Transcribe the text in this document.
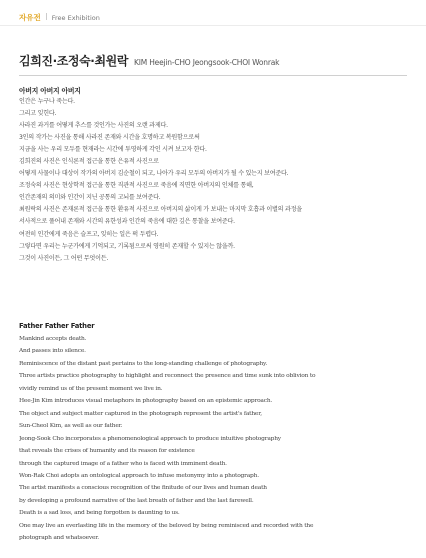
자유전 Free Exhibition
김희진·조정숙·최원락 KIM Heejin-CHO Jeongsook-CHOI Wonrak
아버지 아버지 아버지
인간은 누구나 죽는다.
그리고 잊힌다.
사라진 과거를 어떻게 추스를 것인가는 사진의 오랜 과제다.
3인의 작가는 사진을 통해 사라진 존재와 시간을 호명하고 복원함으로써
지금을 사는 우리 모두를 현재라는 시간에 투영하게 각인 시켜 보고자 한다.
김희진의 사진은 인식론적 접근을 통한 은유적 사진으로
어떻게 사물이나 대상이 작가의 아버지 김순철이 되고, 나아가 우리 모두의 아버지가 될 수 있는지 보여준다.
조정숙의 사진은 현상학적 접근을 통한 직관적 사진으로 죽음에 직면한 아버지의 인체를 통해,
인간존재의 의미와 인간이 지닌 공통의 고뇌를 보여준다.
최원락의 사진은 존재론적 접근을 통한 환유적 사진으로 아버지의 삶이게 가 보내는 마지막 호흡과 이별의 과정을
서사적으로 풀어내 존재와 시간의 유한성과 인간의 죽음에 대한 깊은 통찰을 보여준다.
여전히 인간에게 죽음은 슬프고, 잊히는 일은 퍽 두렵다.
그렇다면 우리는 누군가에게 기억되고, 기록됨으로써 영원히 존재할 수 있지는 않을까.
그것이 사진이든, 그 어떤 무엇이든.
Father Father Father
Mankind accepts death.
And passes into silence.
Reminiscence of the distant past pertains to the long-standing challenge of photography.
Three artists practice photography to highlight and reconnect the presence and time sunk into oblivion to
vividly remind us of the present moment we live in.
Hee-Jin Kim introduces visual metaphors in photography based on an epistemic approach.
The object and subject matter captured in the photograph represent the artist's father,
Sun-Cheol Kim, as well as our father.
Jeong-Sook Cho incorporates a phenomenological approach to produce intuitive photography
that reveals the crises of humanity and its reason for existence
through the captured image of a father who is faced with imminent death.
Won-Rak Choi adopts an ontological approach to infuse metonymy into a photograph.
The artist manifests a conscious recognition of the finitude of our lives and human death
by developing a profound narrative of the last breath of father and the last farewell.
Death is a sad loss, and being forgotten is daunting to us.
One may live an everlasting life in the memory of the beloved by being reminisced and recorded with the
photograph and whatsoever.
